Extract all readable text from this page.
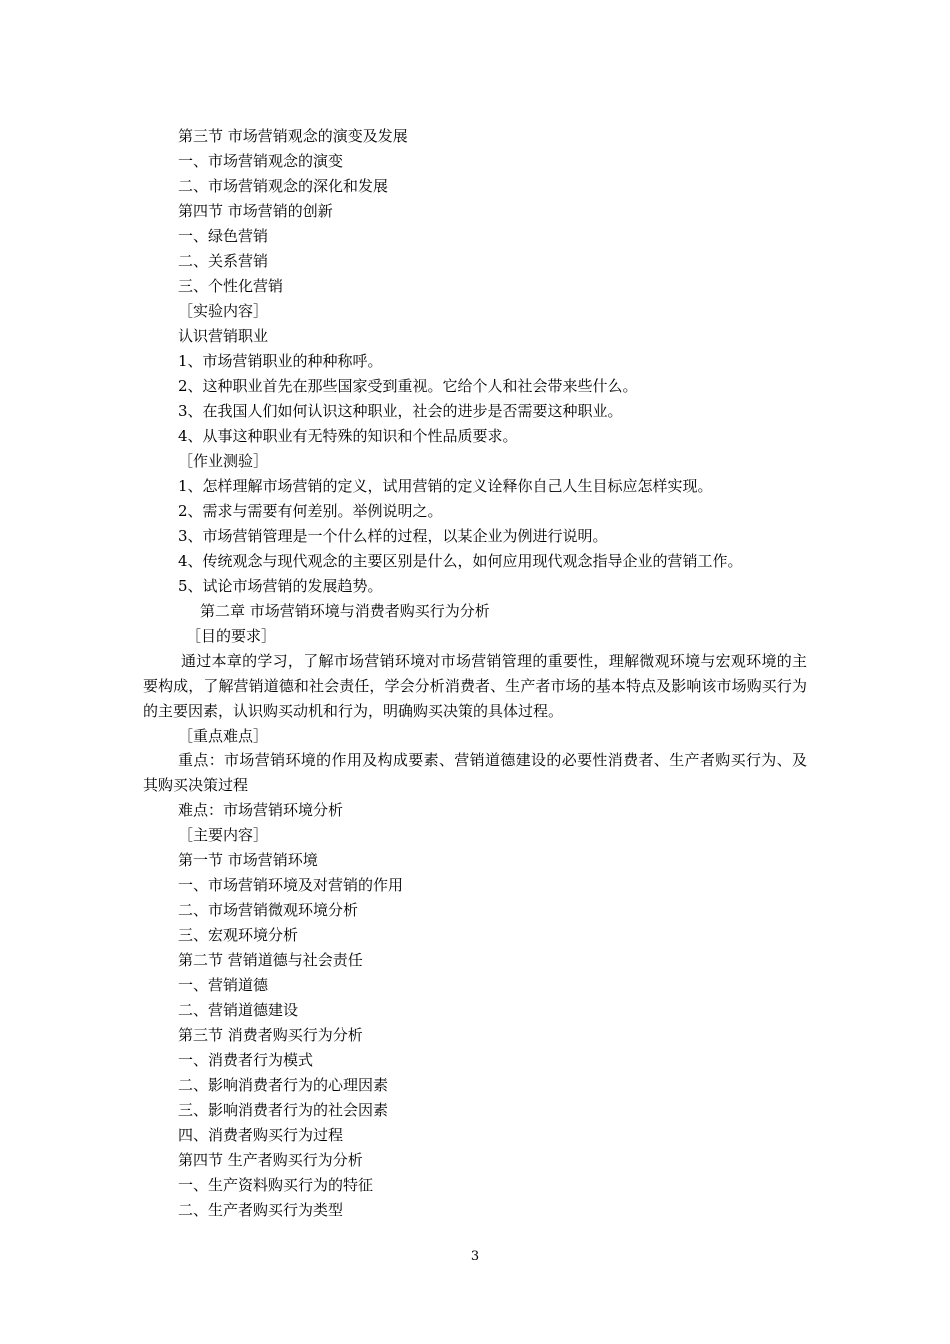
第三节 市场营销观念的演变及发展
一、市场营销观念的演变
二、市场营销观念的深化和发展
第四节 市场营销的创新
一、绿色营销
二、关系营销
三、个性化营销
［实验内容］
认识营销职业
1、市场营销职业的种种称呼。
2、这种职业首先在那些国家受到重视。它给个人和社会带来些什么。
3、在我国人们如何认识这种职业，社会的进步是否需要这种职业。
4、从事这种职业有无特殊的知识和个性品质要求。
［作业测验］
1、怎样理解市场营销的定义，试用营销的定义诠释你自己人生目标应怎样实现。
2、需求与需要有何差别。举例说明之。
3、市场营销管理是一个什么样的过程，以某企业为例进行说明。
4、传统观念与现代观念的主要区别是什么，如何应用现代观念指导企业的营销工作。
5、试论市场营销的发展趋势。
第二章 市场营销环境与消费者购买行为分析
［目的要求］
通过本章的学习，了解市场营销环境对市场营销管理的重要性，理解微观环境与宏观环境的主要构成，了解营销道德和社会责任，学会分析消费者、生产者市场的基本特点及影响该市场购买行为的主要因素，认识购买动机和行为，明确购买决策的具体过程。
［重点难点］
重点：市场营销环境的作用及构成要素、营销道德建设的必要性消费者、生产者购买行为、及其购买决策过程
难点：市场营销环境分析
［主要内容］
第一节 市场营销环境
一、市场营销环境及对营销的作用
二、市场营销微观环境分析
三、宏观环境分析
第二节 营销道德与社会责任
一、营销道德
二、营销道德建设
第三节 消费者购买行为分析
一、消费者行为模式
二、影响消费者行为的心理因素
三、影响消费者行为的社会因素
四、消费者购买行为过程
第四节 生产者购买行为分析
一、生产资料购买行为的特征
二、生产者购买行为类型
3
